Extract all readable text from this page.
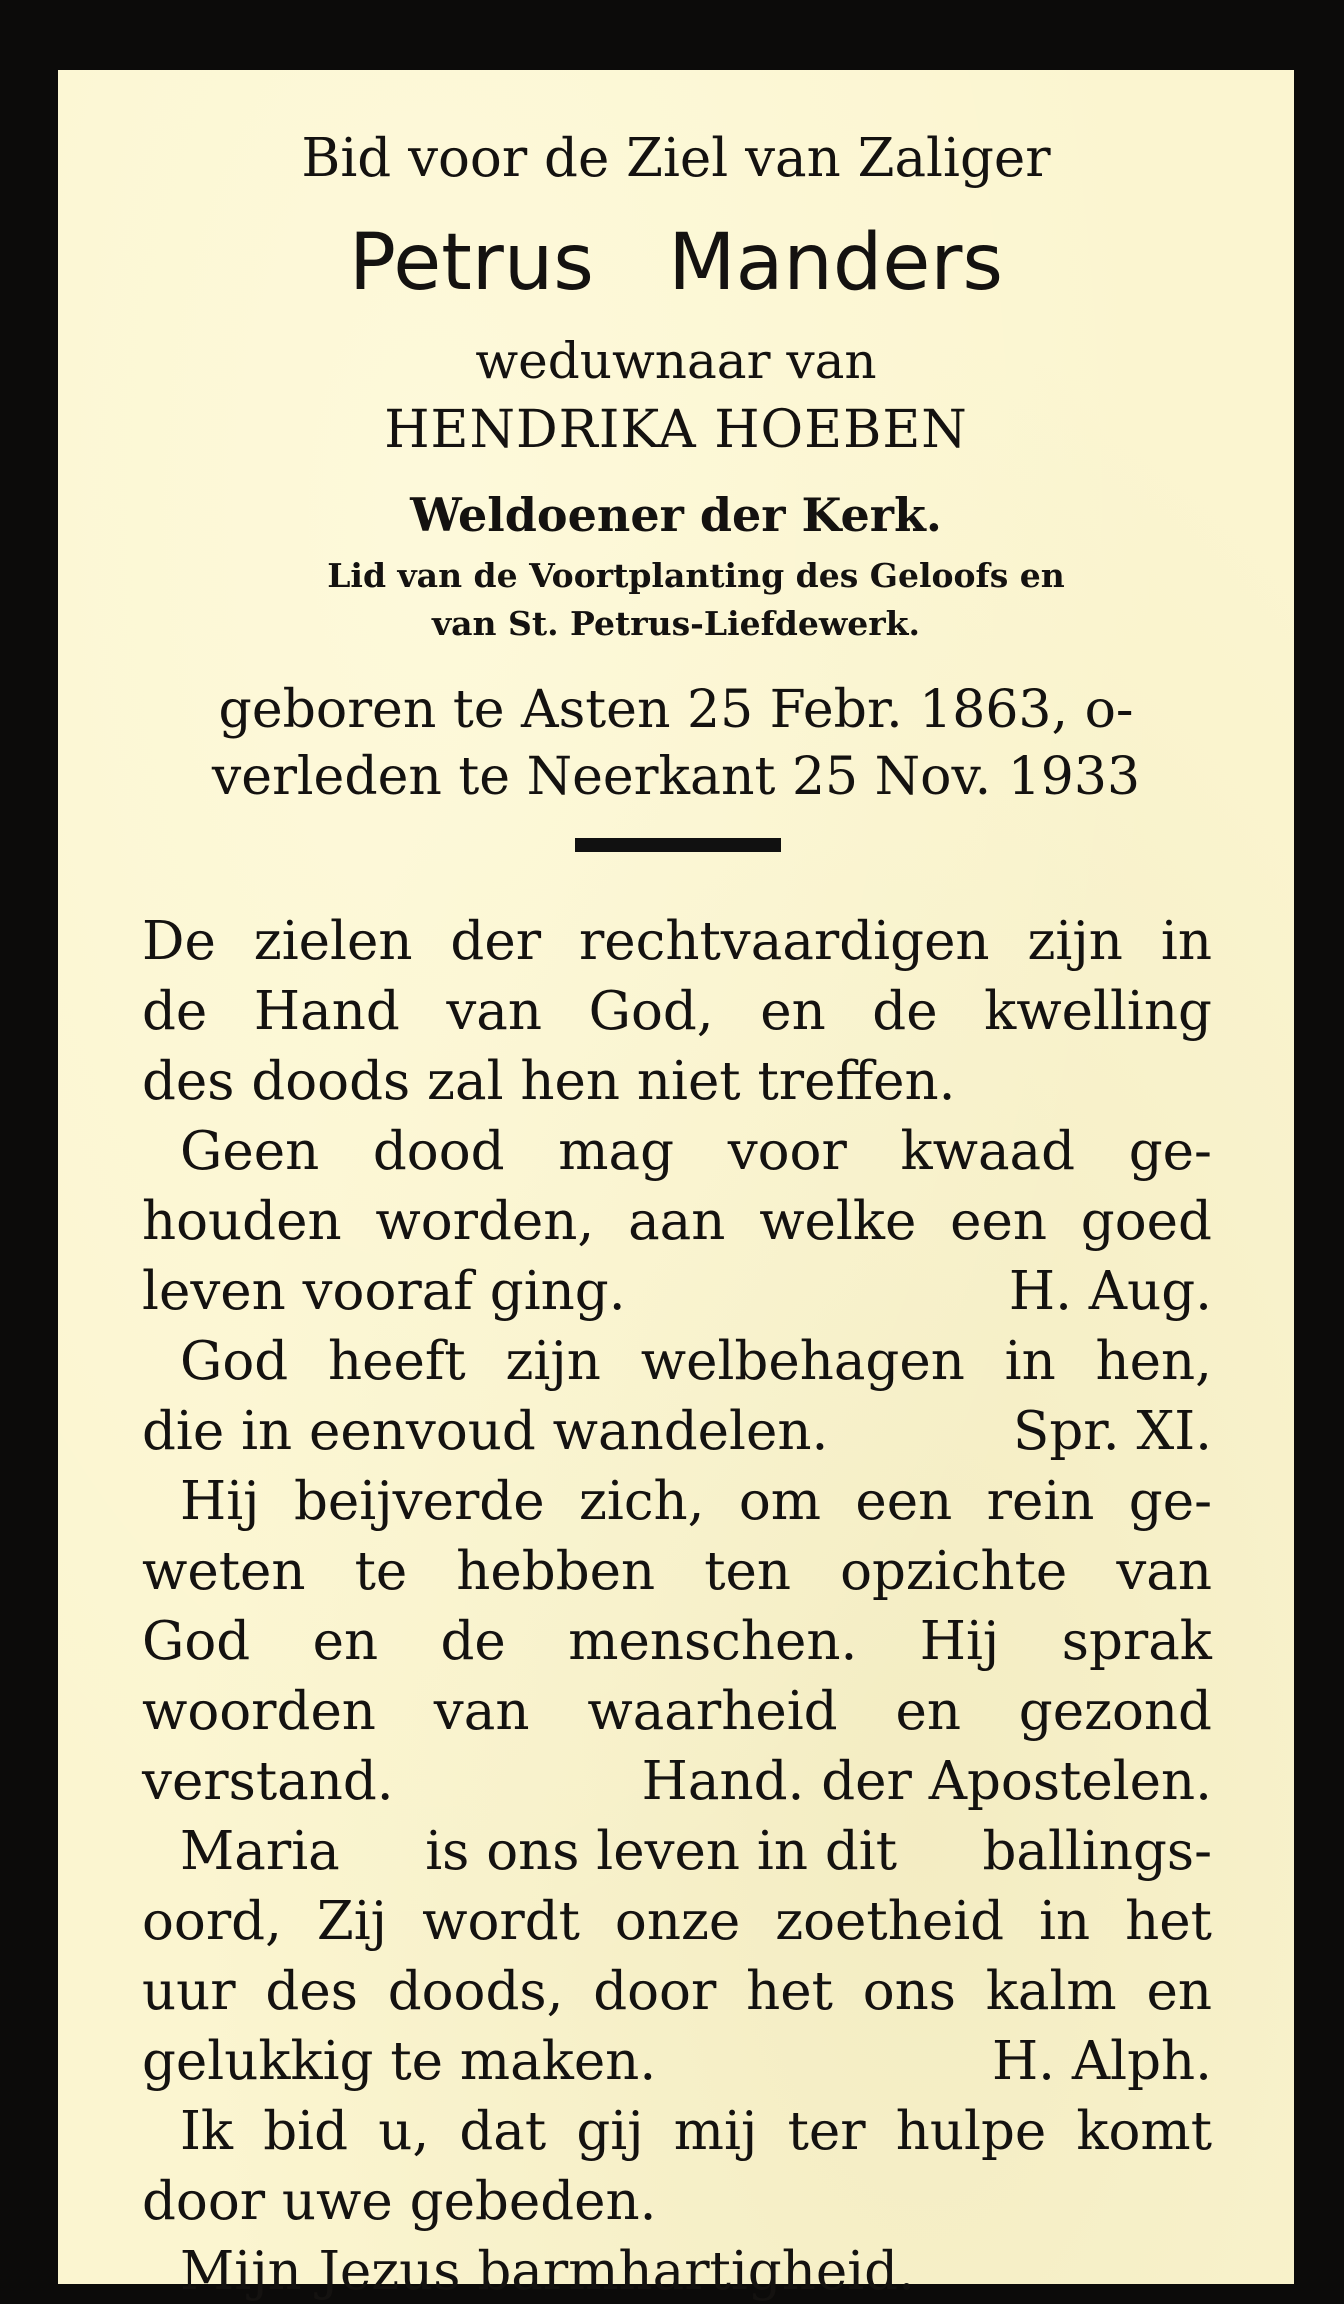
Bid voor de Ziel van Zaliger
Petrus   Manders
weduwnaar van
HENDRIKA HOEBEN
Weldoener der Kerk.
Lid van de Voortplanting des Geloofs en
van St. Petrus-Liefdewerk.
geboren te Asten 25 Febr. 1863, o-
verleden te Neerkant 25 Nov. 1933
De zielen der rechtvaardigen zijn in
de Hand van God, en de kwelling
des doods zal hen niet treffen.
Geen dood mag voor kwaad ge-
houden worden, aan welke een goed
leven vooraf ging.	H. Aug.
God heeft zijn welbehagen in hen,
die in eenvoud wandelen.	Spr. XI.
Hij beijverde zich, om een rein ge-
weten te hebben ten opzichte van
God en de menschen. Hij sprak
woorden van waarheid en gezond
verstand.	Hand. der Apostelen.
Maria is ons leven in dit ballings-
oord, Zij wordt onze zoetheid in het
uur des doods, door het ons kalm en
gelukkig te maken.	H. Alph.
Ik bid u, dat gij mij ter hulpe komt
door uwe gebeden.
Mijn Jezus barmhartigheid.
